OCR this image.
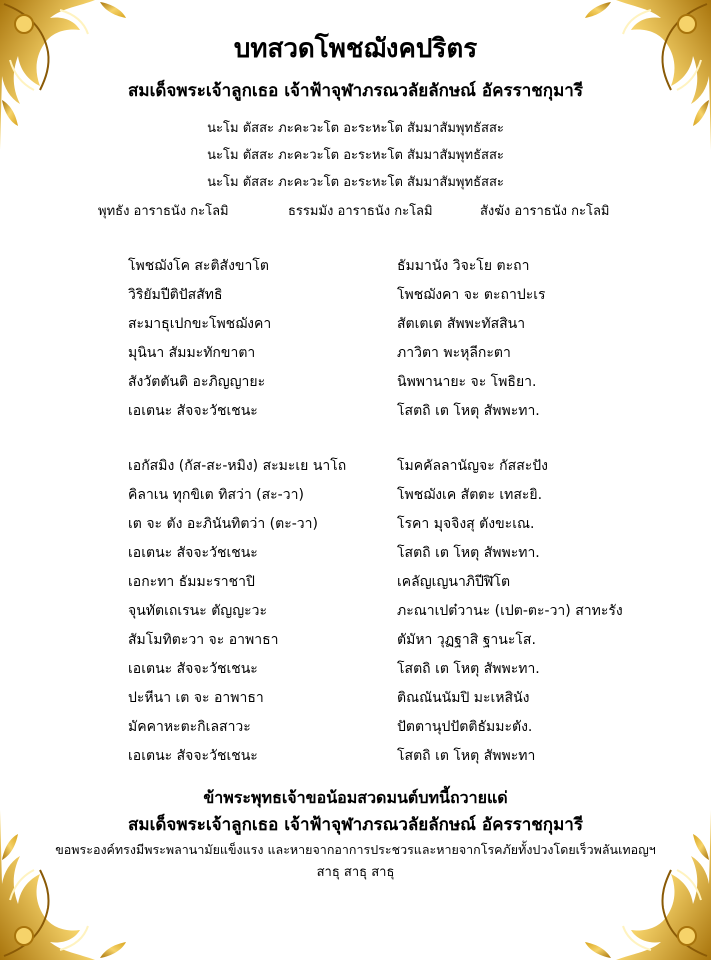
บทสวดโพชฌังคปริตร
สมเด็จพระเจ้าลูกเธอ เจ้าฟ้าจุฬาภรณวลัยลักษณ์ อัครราชกุมารี
นะโม ตัสสะ ภะคะวะโต อะระหะโต สัมมาสัมพุทธัสสะ
นะโม ตัสสะ ภะคะวะโต อะระหะโต สัมมาสัมพุทธัสสะ
นะโม ตัสสะ ภะคะวะโต อะระหะโต สัมมาสัมพุทธัสสะ
พุทธัง อาราธนัง กะโลมิ	ธรรมมัง อาราธนัง กะโลมิ	สังฆัง อาราธนัง กะโลมิ
โพชฌังโค สะติสังขาโต	ธัมมานัง วิจะโย ตะถา
วิริยัมปีติปัสสัทธิ	โพชฌังคา จะ ตะถาปะเร
สะมาธุเปกขะโพชฌังคา	สัตเตเต สัพพะทัสสินา
มุนินา สัมมะทักขาตา	ภาวิตา พะหุลีกะตา
สังวัตตันติ อะภิญญายะ	นิพพานายะ จะ โพธิยา.
เอเตนะ สัจจะวัชเชนะ	โสตถิ เต โหตุ สัพพะทา.
เอกัสมิง (กัส-สะ-หมิง) สะมะเย นาโถ	โมคคัลลานัญจะ กัสสะปัง
คิลาเน ทุกขิเต ทิสว่า (สะ-วา)	โพชฌังเค สัตตะ เทสะยิ.
เต จะ ตัง อะภินันทิตว่า (ตะ-วา)	โรคา มุจจิงสุ ตังขะเณ.
เอเตนะ สัจจะวัชเชนะ	โสตถิ เต โหตุ สัพพะทา.
เอกะทา ธัมมะราชาปิ	เคลัญเญนาภิปีฬิโต
จุนทัตเถเรนะ ตัญญะวะ	ภะณาเปต๋วานะ (เปต-ตะ-วา) สาทะรัง
สัมโมทิตะวา จะ อาพาธา	ตัมัหา วุฏฐาสิ ฐานะโส.
เอเตนะ สัจจะวัชเชนะ	โสตถิ เต โหตุ สัพพะทา.
ปะหีนา เต จะ อาพาธา	ติณณันนัมปิ มะเหสินัง
มัคคาหะตะกิเลสาวะ	ปัตตานุปปัตติธัมมะตัง.
เอเตนะ สัจจะวัชเชนะ	โสตถิ เต โหตุ สัพพะทา
ข้าพระพุทธเจ้าขอน้อมสวดมนต์บทนี้ถวายแด่
สมเด็จพระเจ้าลูกเธอ เจ้าฟ้าจุฬาภรณวลัยลักษณ์ อัครราชกุมารี
ขอพระองค์ทรงมีพระพลานามัยแข็งแรง และหายจากอาการประชวรและหายจากโรคภัยทั้งปวงโดยเร็วพลันเทอญฯ
สาธุ สาธุ สาธุ
